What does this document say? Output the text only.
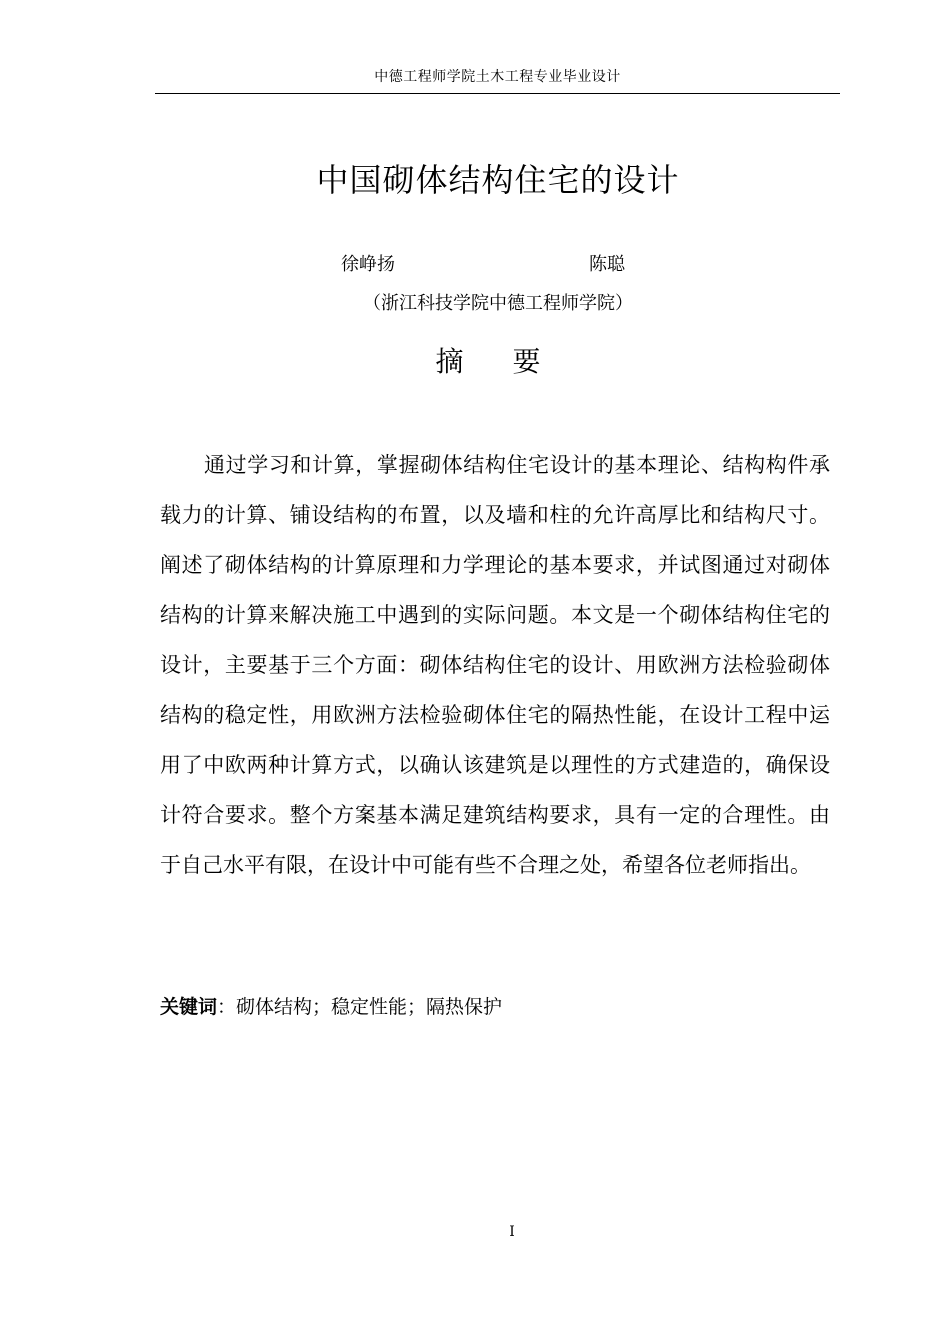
中德工程师学院土木工程专业毕业设计
中国砌体结构住宅的设计
徐峥扬	陈聪
（浙江科技学院中德工程师学院）
摘 要

通过学习和计算，掌握砌体结构住宅设计的基本理论、结构构件承载力的计算、铺设结构的布置，以及墙和柱的允许高厚比和结构尺寸。阐述了砌体结构的计算原理和力学理论的基本要求，并试图通过对砌体结构的计算来解决施工中遇到的实际问题。本文是一个砌体结构住宅的设计，主要基于三个方面：砌体结构住宅的设计、用欧洲方法检验砌体结构的稳定性，用欧洲方法检验砌体住宅的隔热性能，在设计工程中运用了中欧两种计算方式，以确认该建筑是以理性的方式建造的，确保设计符合要求。整个方案基本满足建筑结构要求，具有一定的合理性。由于自己水平有限，在设计中可能有些不合理之处，希望各位老师指出。

关键词：砌体结构；稳定性能；隔热保护
I
